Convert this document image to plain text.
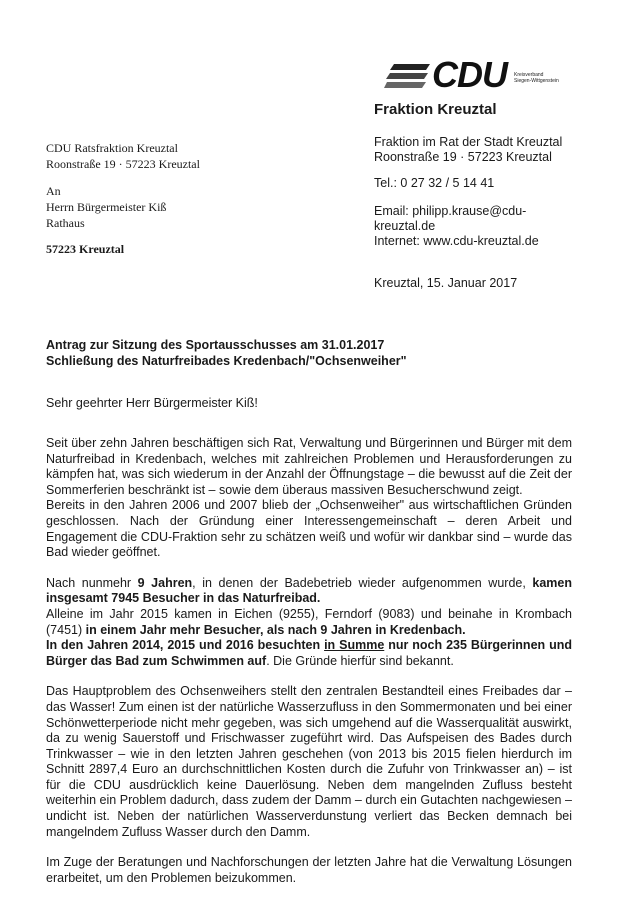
CDU Kreisverband
Siegen-Wittgenstein
Fraktion Kreuztal
CDU Ratsfraktion Kreuztal
Roonstraße 19 · 57223 Kreuztal
An
Herrn Bürgermeister Kiß
Rathaus
57223 Kreuztal
Fraktion im Rat der Stadt Kreuztal
Roonstraße 19 · 57223 Kreuztal
Tel.: 0 27 32 / 5 14 41
Email: philipp.krause@cdu-
kreuztal.de
Internet: www.cdu-kreuztal.de
Kreuztal, 15. Januar 2017
Antrag zur Sitzung des Sportausschusses am 31.01.2017
Schließung des Naturfreibades Kredenbach/"Ochsenweiher"
Sehr geehrter Herr Bürgermeister Kiß!

Seit über zehn Jahren beschäftigen sich Rat, Verwaltung und Bürgerinnen und Bürger mit dem Naturfreibad in Kredenbach, welches mit zahlreichen Problemen und Herausforderungen zu kämpfen hat, was sich wiederum in der Anzahl der Öffnungstage – die bewusst auf die Zeit der Sommerferien beschränkt ist – sowie dem überaus massiven Besucherschwund zeigt.

Bereits in den Jahren 2006 und 2007 blieb der „Ochsenweiher" aus wirtschaftlichen Gründen geschlossen. Nach der Gründung einer Interessengemeinschaft – deren Arbeit und Engagement die CDU-Fraktion sehr zu schätzen weiß und wofür wir dankbar sind – wurde das Bad wieder geöffnet.

Nach nunmehr 9 Jahren, in denen der Badebetrieb wieder aufgenommen wurde, kamen insgesamt 7945 Besucher in das Naturfreibad.

Alleine im Jahr 2015 kamen in Eichen (9255), Ferndorf (9083) und beinahe in Krombach (7451) in einem Jahr mehr Besucher, als nach 9 Jahren in Kredenbach.

In den Jahren 2014, 2015 und 2016 besuchten in Summe nur noch 235 Bürgerinnen und Bürger das Bad zum Schwimmen auf. Die Gründe hierfür sind bekannt.

Das Hauptproblem des Ochsenweihers stellt den zentralen Bestandteil eines Freibades dar – das Wasser! Zum einen ist der natürliche Wasserzufluss in den Sommermonaten und bei einer Schönwetterperiode nicht mehr gegeben, was sich umgehend auf die Wasserqualität auswirkt, da zu wenig Sauerstoff und Frischwasser zugeführt wird. Das Aufspeisen des Bades durch Trinkwasser – wie in den letzten Jahren geschehen (von 2013 bis 2015 fielen hierdurch im Schnitt 2897,4 Euro an durchschnittlichen Kosten durch die Zufuhr von Trinkwasser an) – ist für die CDU ausdrücklich keine Dauerlösung. Neben dem mangelnden Zufluss besteht weiterhin ein Problem dadurch, dass zudem der Damm – durch ein Gutachten nachgewiesen – undicht ist. Neben der natürlichen Wasserverdunstung verliert das Becken demnach bei mangelndem Zufluss Wasser durch den Damm.

Im Zuge der Beratungen und Nachforschungen der letzten Jahre hat die Verwaltung Lösungen erarbeitet, um den Problemen beizukommen.
